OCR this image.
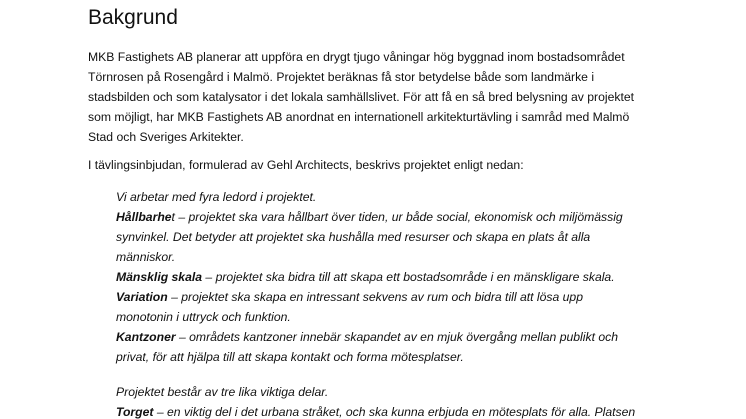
Bakgrund
MKB Fastighets AB planerar att uppföra en drygt tjugo våningar hög byggnad inom bostadsområdet
Törnrosen på Rosengård i Malmö. Projektet beräknas få stor betydelse både som landmärke i
stadsbilden och som katalysator i det lokala samhällslivet. För att få en så bred belysning av projektet
som möjligt, har MKB Fastighets AB anordnat en internationell arkitekturtävling i samråd med Malmö
Stad och Sveriges Arkitekter.

I tävlingsinbjudan, formulerad av Gehl Architects, beskrivs projektet enligt nedan:

Vi arbetar med fyra ledord i projektet.
Hållbarhet – projektet ska vara hållbart över tiden, ur både social, ekonomisk och miljömässig
synvinkel. Det betyder att projektet ska hushålla med resurser och skapa en plats åt alla
människor.
Mänsklig skala – projektet ska bidra till att skapa ett bostadsområde i en mänskligare skala.
Variation – projektet ska skapa en intressant sekvens av rum och bidra till att lösa upp
monotonin i uttryck och funktion.
Kantzoner – områdets kantzoner innebär skapandet av en mjuk övergång mellan publikt och
privat, för att hjälpa till att skapa kontakt och forma mötesplatser.
Projektet består av tre lika viktiga delar.
Torget – en viktig del i det urbana stråket, och ska kunna erbjuda en mötesplats för alla. Platsen
